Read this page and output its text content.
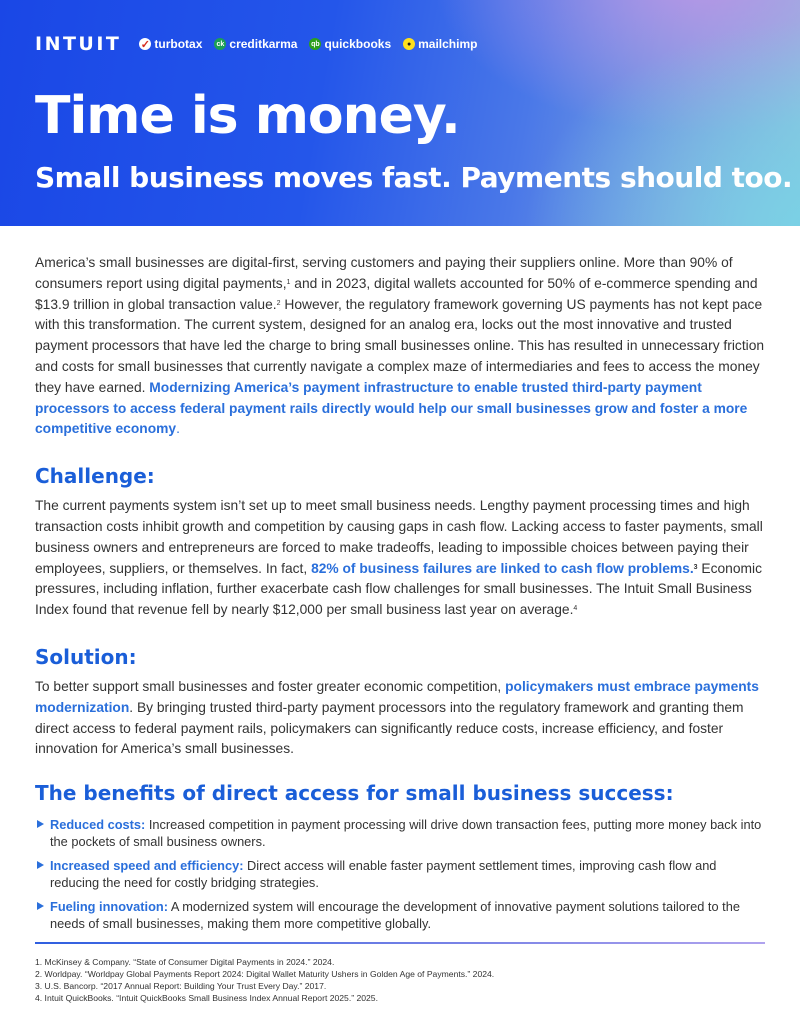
INTUIT ✓ turbotax ck creditkarma qb quickbooks	● mailchimp
Time is money.
Small business moves fast. Payments should too.

America’s small businesses are digital-first, serving customers and paying their suppliers online. More than 90% of consumers report using digital payments,$^1$ and in 2023, digital wallets accounted for 50% of e-commerce spending and $13.9 trillion in global transaction value.$^2$ However, the regulatory framework governing US payments has not kept pace with this transformation. The current system, designed for an analog era, locks out the most innovative and trusted payment processors that have led the charge to bring small businesses online. This has resulted in unnecessary friction and costs for small businesses that currently navigate a complex maze of intermediaries and fees to access the money they have earned. Modernizing America’s payment infrastructure to enable trusted third-party payment processors to access federal payment rails directly would help our small businesses grow and foster a more competitive economy.

Challenge:

The current payments system isn’t set up to meet small business needs. Lengthy payment processing times and high transaction costs inhibit growth and competition by causing gaps in cash flow. Lacking access to faster payments, small business owners and entrepreneurs are forced to make tradeoffs, leading to impossible choices between paying their employees, suppliers, or themselves. In fact, 82% of business failures are linked to cash flow problems.$^3$ Economic pressures, including inflation, further exacerbate cash flow challenges for small businesses. The Intuit Small Business Index found that revenue fell by nearly $12,000 per small business last year on average.$^4$

Solution:

To better support small businesses and foster greater economic competition, policymakers must embrace payments modernization. By bringing trusted third-party payment processors into the regulatory framework and granting them direct access to federal payment rails, policymakers can significantly reduce costs, increase efficiency, and foster innovation for America’s small businesses.

The benefits of direct access for small business success:
Reduced costs: Increased competition in payment processing will drive down transaction fees, putting more money back into the pockets of small business owners.
Increased speed and efficiency: Direct access will enable faster payment settlement times, improving cash flow and reducing the need for costly bridging strategies.
Fueling innovation: A modernized system will encourage the development of innovative payment solutions tailored to the needs of small businesses, making them more competitive globally.
1. McKinsey & Company. “State of Consumer Digital Payments in 2024.” 2024.
2. Worldpay. “Worldpay Global Payments Report 2024: Digital Wallet Maturity Ushers in Golden Age of Payments.” 2024.
3. U.S. Bancorp. “2017 Annual Report: Building Your Trust Every Day.” 2017.
4. Intuit QuickBooks. “Intuit QuickBooks Small Business Index Annual Report 2025.” 2025.
